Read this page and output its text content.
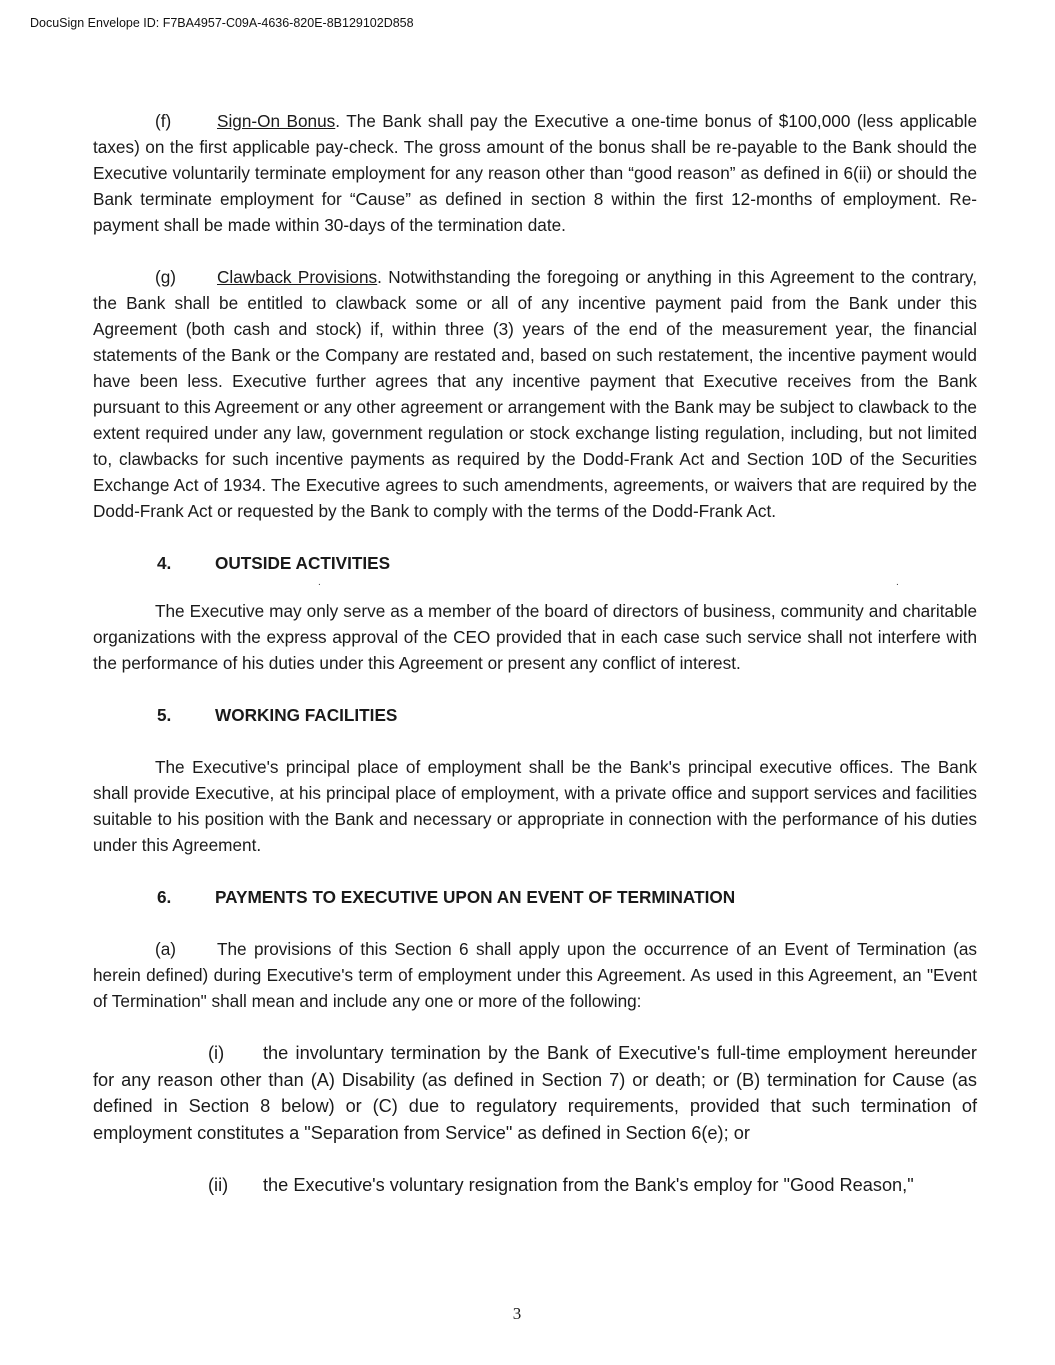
DocuSign Envelope ID: F7BA4957-C09A-4636-820E-8B129102D858

(f)	Sign-On Bonus. The Bank shall pay the Executive a one-time bonus of $100,000 (less applicable taxes) on the first applicable pay-check. The gross amount of the bonus shall be re-payable to the Bank should the Executive voluntarily terminate employment for any reason other than “good reason” as defined in 6(ii) or should the Bank terminate employment for “Cause” as defined in section 8 within the first 12-months of employment. Re-payment shall be made within 30-days of the termination date.

(g) Clawback Provisions. Notwithstanding the foregoing or anything in this Agreement to the contrary, the Bank shall be entitled to clawback some or all of any incentive payment paid from the Bank under this Agreement (both cash and stock) if, within three (3) years of the end of the measurement year, the financial statements of the Bank or the Company are restated and, based on such restatement, the incentive payment would have been less. Executive further agrees that any incentive payment that Executive receives from the Bank pursuant to this Agreement or any other agreement or arrangement with the Bank may be subject to clawback to the extent required under any law, government regulation or stock exchange listing regulation, including, but not limited to, clawbacks for such incentive payments as required by the Dodd-Frank Act and Section 10D of the Securities Exchange Act of 1934. The Executive agrees to such amendments, agreements, or waivers that are required by the Dodd-Frank Act or requested by the Bank to comply with the terms of the Dodd-Frank Act.

4.	OUTSIDE ACTIVITIES

.	.

The Executive may only serve as a member of the board of directors of business, community and charitable organizations with the express approval of the CEO provided that in each case such service shall not interfere with the performance of his duties under this Agreement or present any conflict of interest.

5.	WORKING FACILITIES

The Executive's principal place of employment shall be the Bank's principal executive offices. The Bank shall provide Executive, at his principal place of employment, with a private office and support services and facilities suitable to his position with the Bank and necessary or appropriate in connection with the performance of his duties under this Agreement.

6.	PAYMENTS TO EXECUTIVE UPON AN EVENT OF TERMINATION

(a) The provisions of this Section 6 shall apply upon the occurrence of an Event of Termination (as herein defined) during Executive's term of employment under this Agreement. As used in this Agreement, an "Event of Termination" shall mean and include any one or more of the following:

(i) the involuntary termination by the Bank of Executive's full-time employment hereunder for any reason other than (A) Disability (as defined in Section 7) or death; or (B) termination for Cause (as defined in Section 8 below) or (C) due to regulatory requirements, provided that such termination of employment constitutes a "Separation from Service" as defined in Section 6(e); or

(ii) the Executive's voluntary resignation from the Bank's employ for "Good Reason,"

3
